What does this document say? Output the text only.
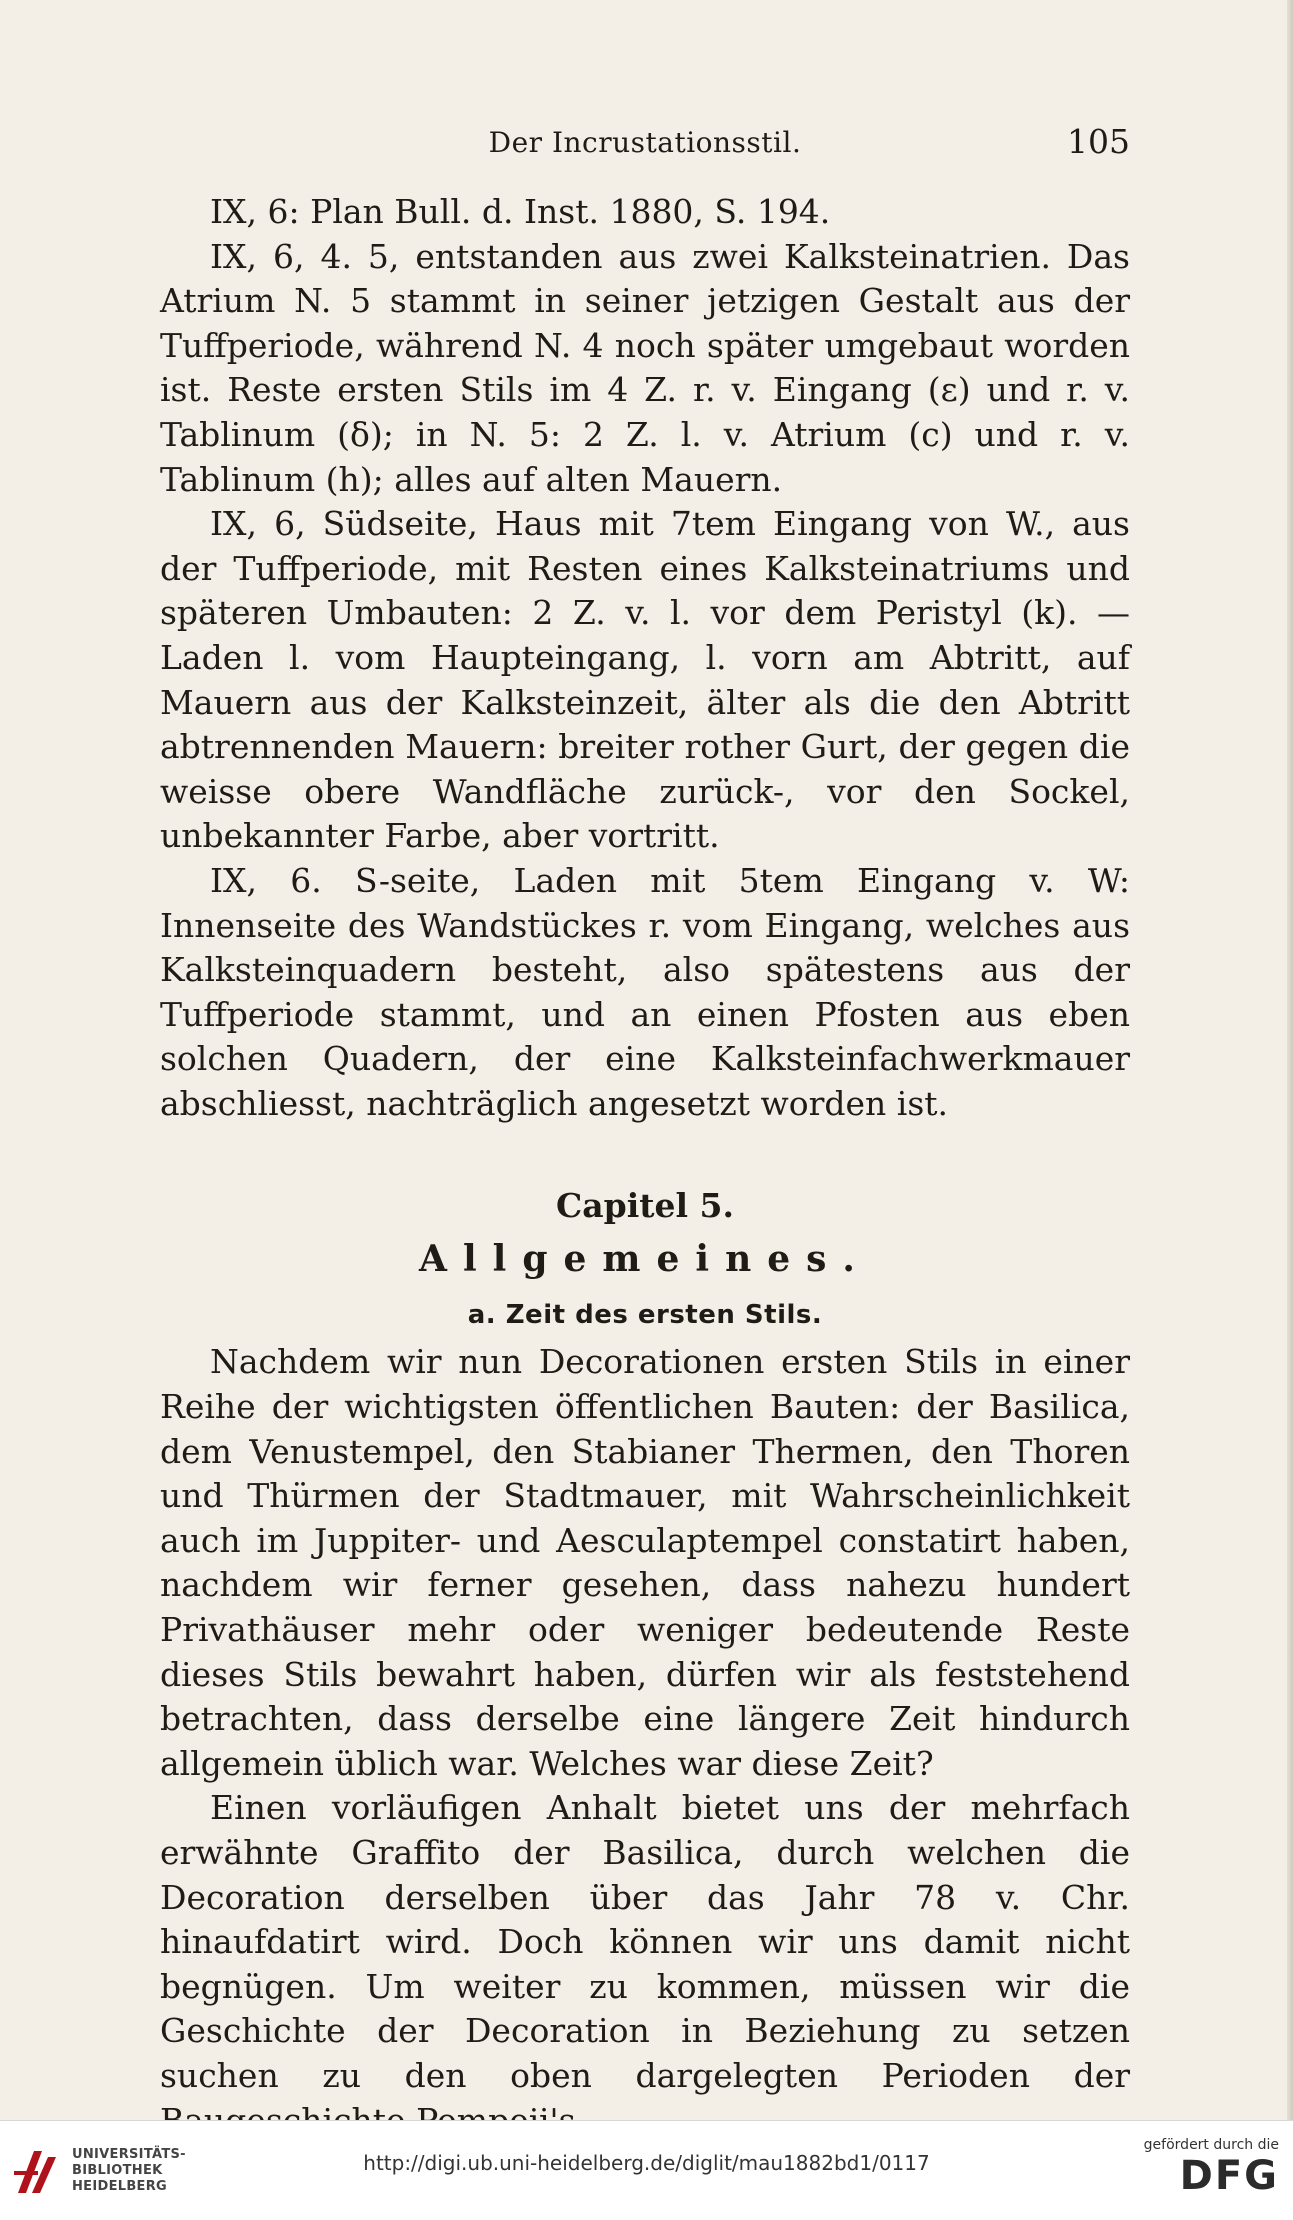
Der Incrustationsstil.	105

IX, 6: Plan Bull. d. Inst. 1880, S. 194.

IX, 6, 4. 5, entstanden aus zwei Kalksteinatrien. Das Atrium N. 5 stammt in seiner jetzigen Gestalt aus der Tuffperiode, während N. 4 noch später umgebaut worden ist. Reste ersten Stils im 4 Z. r. v. Eingang (ε) und r. v. Tablinum (δ); in N. 5: 2 Z. l. v. Atrium (c) und r. v. Tablinum (h); alles auf alten Mauern.

IX, 6, Südseite, Haus mit 7tem Eingang von W., aus der Tuffperiode, mit Resten eines Kalksteinatriums und späteren Umbauten: 2 Z. v. l. vor dem Peristyl (k). — Laden l. vom Haupteingang, l. vorn am Abtritt, auf Mauern aus der Kalksteinzeit, älter als die den Abtritt abtrennenden Mauern: breiter rother Gurt, der gegen die weisse obere Wandfläche zurück-, vor den Sockel, unbekannter Farbe, aber vortritt.

IX, 6. S-seite, Laden mit 5tem Eingang v. W: Innenseite des Wandstückes r. vom Eingang, welches aus Kalksteinquadern besteht, also spätestens aus der Tuffperiode stammt, und an einen Pfosten aus eben solchen Quadern, der eine Kalksteinfachwerkmauer abschliesst, nachträglich angesetzt worden ist.

Capitel 5.
Allgemeines.
a. Zeit des ersten Stils.

Nachdem wir nun Decorationen ersten Stils in einer Reihe der wichtigsten öffentlichen Bauten: der Basilica, dem Venustempel, den Stabianer Thermen, den Thoren und Thürmen der Stadtmauer, mit Wahrscheinlichkeit auch im Juppiter- und Aesculaptempel constatirt haben, nachdem wir ferner gesehen, dass nahezu hundert Privathäuser mehr oder weniger bedeutende Reste dieses Stils bewahrt haben, dürfen wir als feststehend betrachten, dass derselbe eine längere Zeit hindurch allgemein üblich war. Welches war diese Zeit?

Einen vorläufigen Anhalt bietet uns der mehrfach erwähnte Graffito der Basilica, durch welchen die Decoration derselben über das Jahr 78 v. Chr. hinaufdatirt wird. Doch können wir uns damit nicht begnügen. Um weiter zu kommen, müssen wir die Geschichte der Decoration in Beziehung zu setzen suchen zu den oben dargelegten Perioden der

UNIVERSITÄTS-
BIBLIOTHEK
HEIDELBERG
http://digi.ub.uni-heidelberg.de/diglit/mau1882bd1/0117
gefördert durch die
DFG
